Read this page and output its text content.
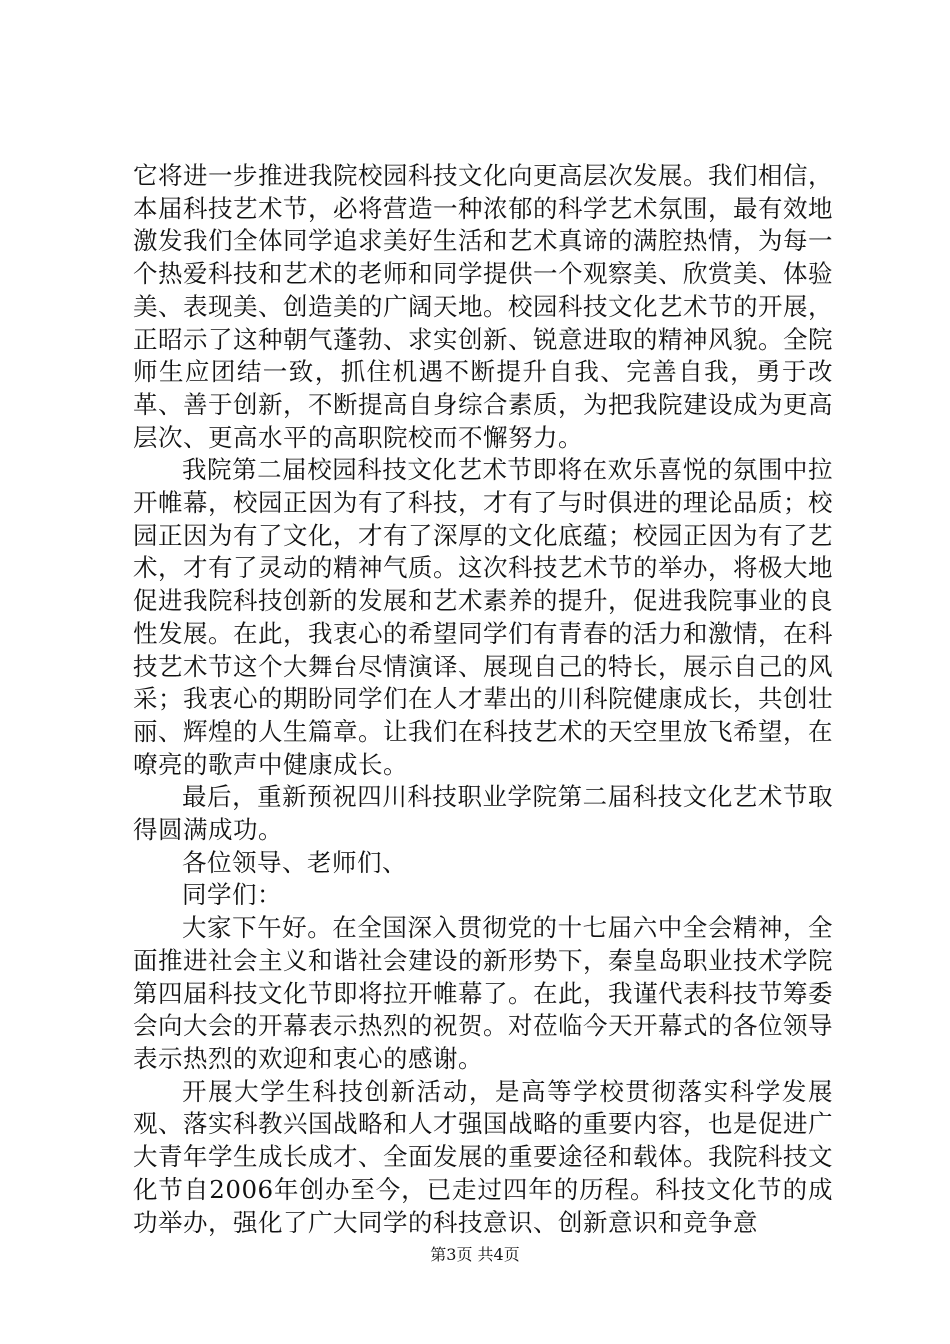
它将进一步推进我院校园科技文化向更高层次发展。我们相信，本届科技艺术节，必将营造一种浓郁的科学艺术氛围，最有效地激发我们全体同学追求美好生活和艺术真谛的满腔热情，为每一个热爱科技和艺术的老师和同学提供一个观察美、欣赏美、体验美、表现美、创造美的广阔天地。校园科技文化艺术节的开展，正昭示了这种朝气蓬勃、求实创新、锐意进取的精神风貌。全院师生应团结一致，抓住机遇不断提升自我、完善自我，勇于改革、善于创新，不断提高自身综合素质，为把我院建设成为更高层次、更高水平的高职院校而不懈努力。

我院第二届校园科技文化艺术节即将在欢乐喜悦的氛围中拉开帷幕，校园正因为有了科技，才有了与时俱进的理论品质；校园正因为有了文化，才有了深厚的文化底蕴；校园正因为有了艺术，才有了灵动的精神气质。这次科技艺术节的举办，将极大地促进我院科技创新的发展和艺术素养的提升，促进我院事业的良性发展。在此，我衷心的希望同学们有青春的活力和激情，在科技艺术节这个大舞台尽情演译、展现自己的特长，展示自己的风采；我衷心的期盼同学们在人才辈出的川科院健康成长，共创壮丽、辉煌的人生篇章。让我们在科技艺术的天空里放飞希望，在嘹亮的歌声中健康成长。

最后，重新预祝四川科技职业学院第二届科技文化艺术节取得圆满成功。

各位领导、老师们、

同学们：

大家下午好。在全国深入贯彻党的十七届六中全会精神，全面推进社会主义和谐社会建设的新形势下，秦皇岛职业技术学院第四届科技文化节即将拉开帷幕了。在此，我谨代表科技节筹委会向大会的开幕表示热烈的祝贺。对莅临今天开幕式的各位领导表示热烈的欢迎和衷心的感谢。

开展大学生科技创新活动，是高等学校贯彻落实科学发展观、落实科教兴国战略和人才强国战略的重要内容，也是促进广大青年学生成长成才、全面发展的重要途径和载体。我院科技文化节自2006年创办至今，已走过四年的历程。科技文化节的成功举办，强化了广大同学的科技意识、创新意识和竞争意

第3页 共4页
